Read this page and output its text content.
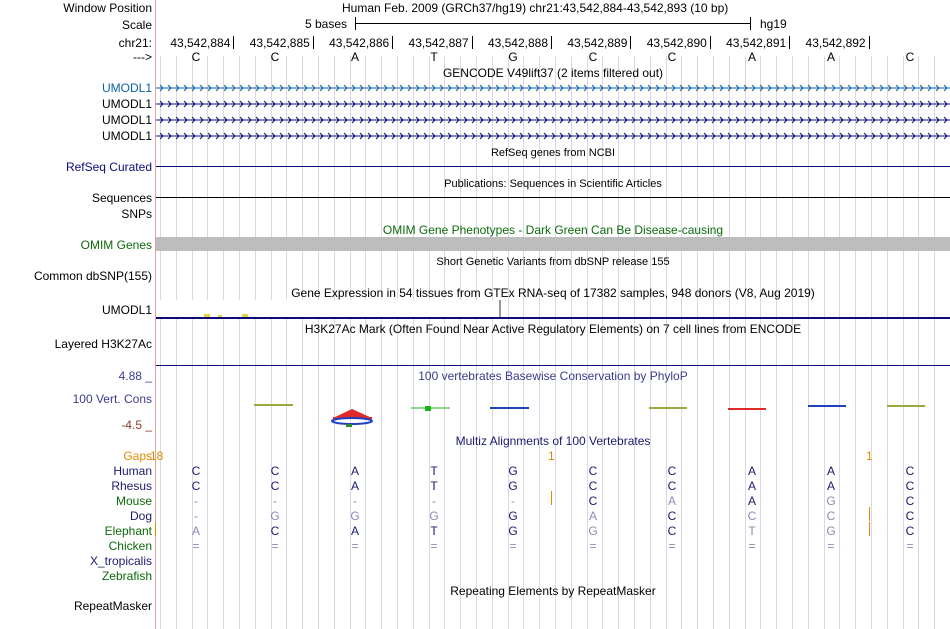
Window Position	Human Feb. 2009 (GRCh37/hg19) chr21:43,542,884-43,542,893 (10 bp)
Scale	5 bases	hg19
chr21:	43,542,884	43,542,885	43,542,886	43,542,887	43,542,888	43,542,889	43,542,890	43,542,891	43,542,892
--->	C	C	A	T	G	C	C	A	A	C
GENCODE V49lift37 (2 items filtered out)
UMODL1
UMODL1
UMODL1
UMODL1
RefSeq genes from NCBI
RefSeq Curated
Publications: Sequences in Scientific Articles
Sequences
SNPs
OMIM Gene Phenotypes - Dark Green Can Be Disease-causing
OMIM Genes
Short Genetic Variants from dbSNP release 155
Common dbSNP(155)
Gene Expression in 54 tissues from GTEx RNA-seq of 17382 samples, 948 donors (V8, Aug 2019)
UMODL1
H3K27Ac Mark (Often Found Near Active Regulatory Elements) on 7 cell lines from ENCODE
Layered H3K27Ac
100 vertebrates Basewise Conservation by PhyloP
4.88 _
100 Vert. Cons
-4.5 _
Multiz Alignments of 100 Vertebrates
Gaps
18	1	1
Human	C	C	A	T	G	C	C	A	A	C
Rhesus	C	C	A	T	G	C	C	A	A	C
Mouse	-	-	-	-	-	C	A	A	G	C
Dog	-	G	G	G	G	A	C	C	C	C
Elephant	A	C	A	T	G	G	C	T	G	C
Chicken	=	=	=	=	=	=	=	=	=	=
X_tropicalis
Zebrafish
Repeating Elements by RepeatMasker
RepeatMasker
